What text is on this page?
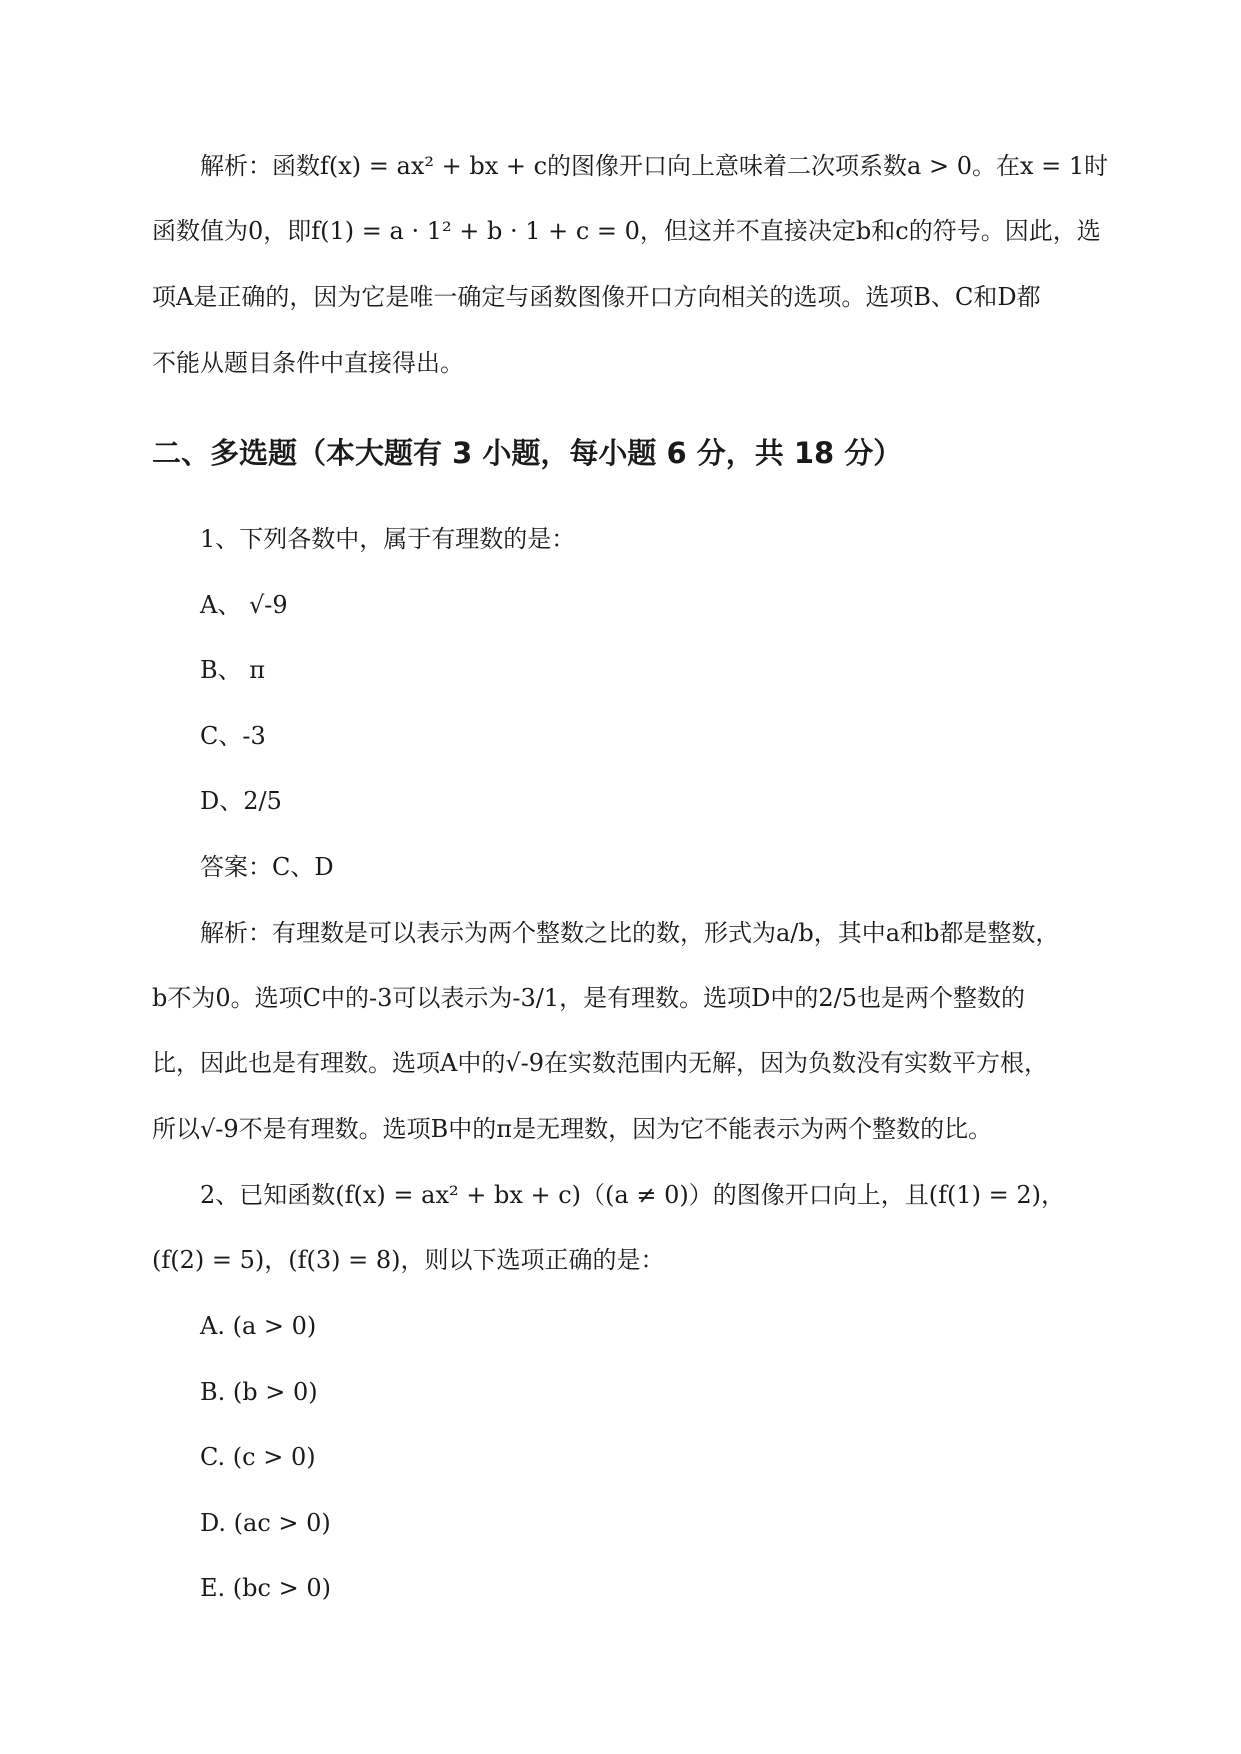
解析：函数f(x) = ax² + bx + c的图像开口向上意味着二次项系数a > 0。在x = 1时
函数值为0，即f(1) = a · 1² + b · 1 + c = 0，但这并不直接决定b和c的符号。因此，选
项A是正确的，因为它是唯一确定与函数图像开口方向相关的选项。选项B、C和D都
不能从题目条件中直接得出。
二、多选题（本大题有 3 小题，每小题 6 分，共 18 分）
1、下列各数中，属于有理数的是：
A、 √-9
B、 π
C、-3
D、2/5
答案：C、D
解析：有理数是可以表示为两个整数之比的数，形式为a/b，其中a和b都是整数，
b不为0。选项C中的-3可以表示为-3/1，是有理数。选项D中的2/5也是两个整数的
比，因此也是有理数。选项A中的√-9在实数范围内无解，因为负数没有实数平方根，
所以√-9不是有理数。选项B中的π是无理数，因为它不能表示为两个整数的比。
2、已知函数(f(x) = ax² + bx + c)（(a ≠ 0)）的图像开口向上，且(f(1) = 2)，
(f(2) = 5)，(f(3) = 8)，则以下选项正确的是：
A. (a > 0)
B. (b > 0)
C. (c > 0)
D. (ac > 0)
E. (bc > 0)
